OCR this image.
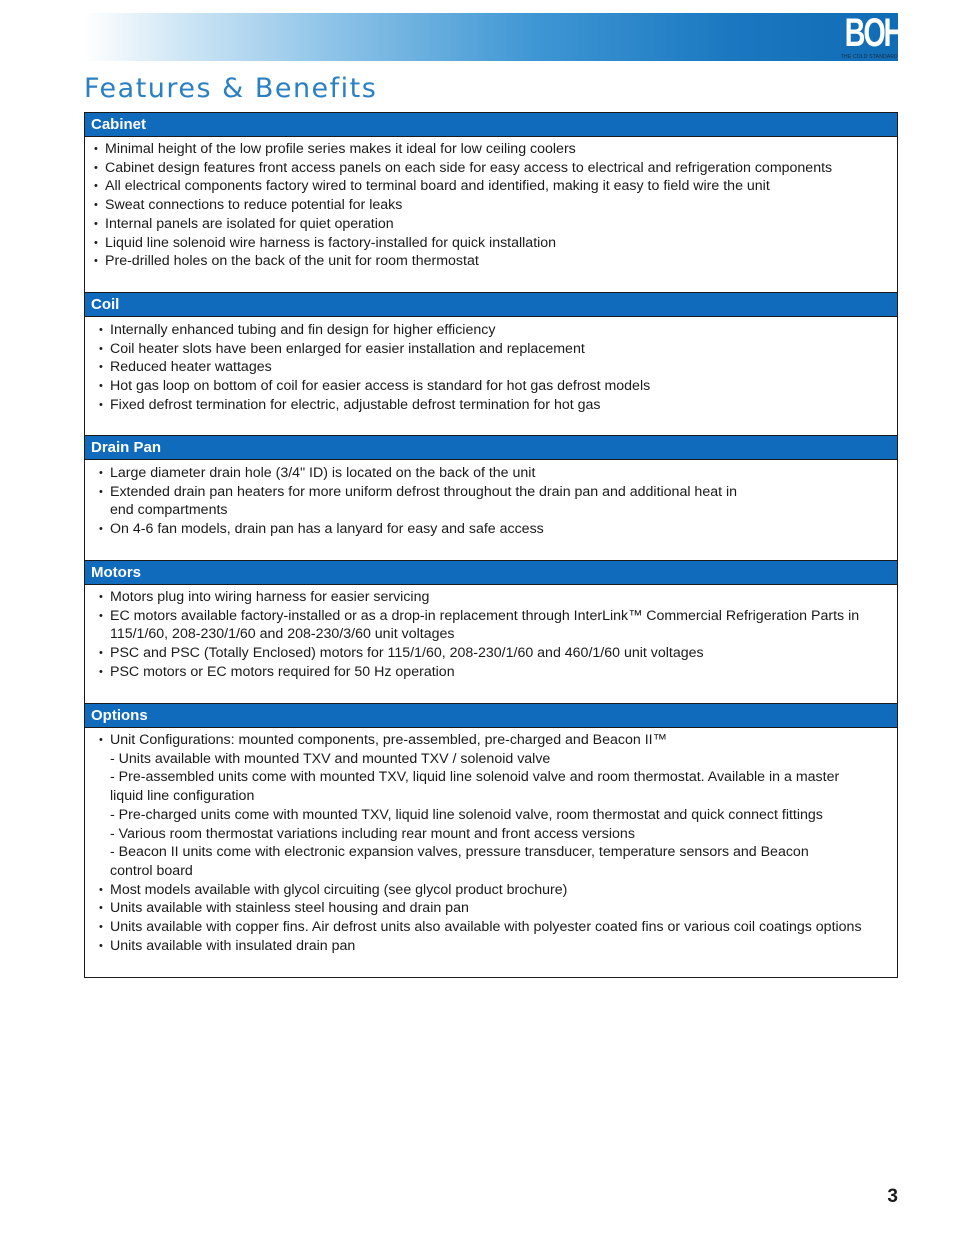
BOHN
THE COLD STANDARD
Features & Benefits
Cabinet
• Minimal height of the low profile series makes it ideal for low ceiling coolers
• Cabinet design features front access panels on each side for easy access to electrical and refrigeration components
• All electrical components factory wired to terminal board and identified, making it easy to field wire the unit
• Sweat connections to reduce potential for leaks
• Internal panels are isolated for quiet operation
• Liquid line solenoid wire harness is factory-installed for quick installation
• Pre-drilled holes on the back of the unit for room thermostat
Coil
• Internally enhanced tubing and fin design for higher efficiency
• Coil heater slots have been enlarged for easier installation and replacement
• Reduced heater wattages
• Hot gas loop on bottom of coil for easier access is standard for hot gas defrost models
• Fixed defrost termination for electric, adjustable defrost termination for hot gas
Drain Pan
• Large diameter drain hole (3/4" ID) is located on the back of the unit
• Extended drain pan heaters for more uniform defrost throughout the drain pan and additional heat in
end compartments
• On 4-6 fan models, drain pan has a lanyard for easy and safe access
Motors
• Motors plug into wiring harness for easier servicing
• EC motors available factory-installed or as a drop-in replacement through InterLink™ Commercial Refrigeration Parts in
115/1/60, 208-230/1/60 and 208-230/3/60 unit voltages
• PSC and PSC (Totally Enclosed) motors for 115/1/60, 208-230/1/60 and 460/1/60 unit voltages
• PSC motors or EC motors required for 50 Hz operation
Options
• Unit Configurations: mounted components, pre-assembled, pre-charged and Beacon II™
- Units available with mounted TXV and mounted TXV / solenoid valve
- Pre-assembled units come with mounted TXV, liquid line solenoid valve and room thermostat. Available in a master
liquid line configuration
- Pre-charged units come with mounted TXV, liquid line solenoid valve, room thermostat and quick connect fittings
- Various room thermostat variations including rear mount and front access versions
- Beacon II units come with electronic expansion valves, pressure transducer, temperature sensors and Beacon
control board
• Most models available with glycol circuiting (see glycol product brochure)
• Units available with stainless steel housing and drain pan
• Units available with copper fins. Air defrost units also available with polyester coated fins or various coil coatings options
• Units available with insulated drain pan
3
